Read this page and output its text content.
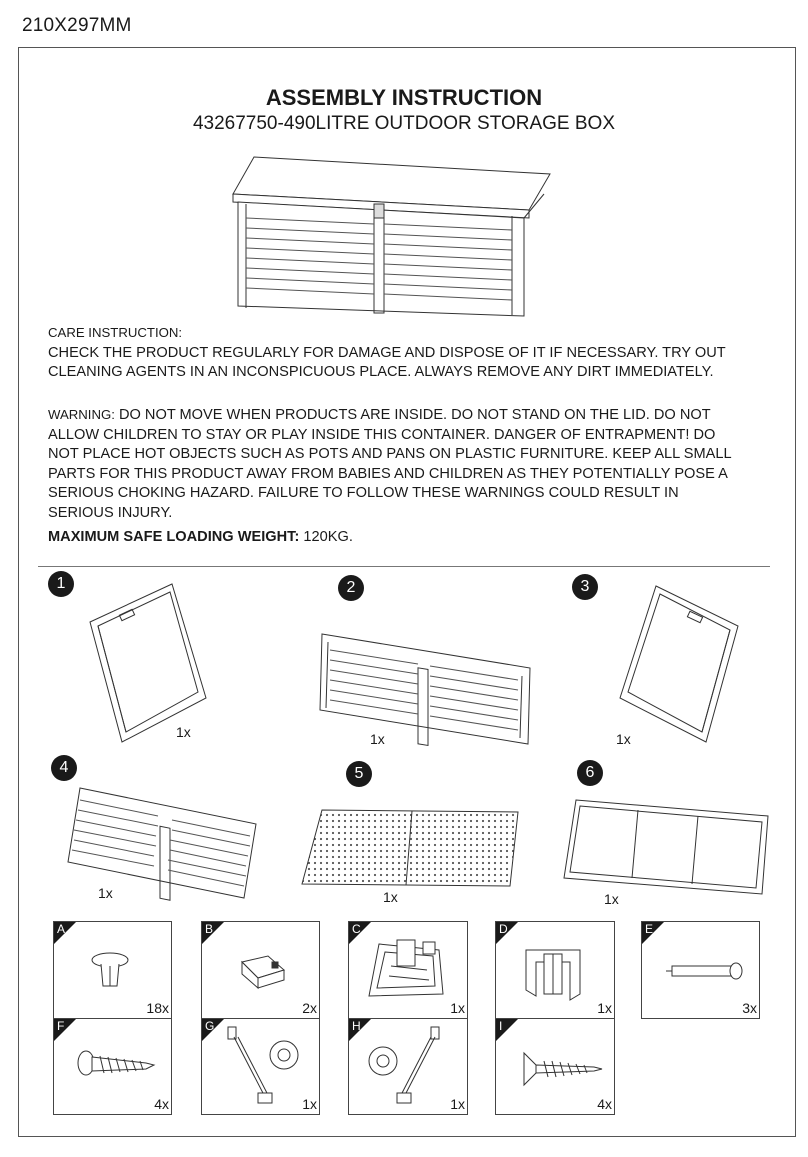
210X297MM
ASSEMBLY INSTRUCTION
43267750-490LITRE OUTDOOR STORAGE BOX
CARE INSTRUCTION:
CHECK THE PRODUCT REGULARLY FOR DAMAGE AND DISPOSE OF IT IF NECESSARY. TRY OUT CLEANING AGENTS IN AN INCONSPICUOUS PLACE. ALWAYS REMOVE ANY DIRT IMMEDIATELY.
WARNING: DO NOT MOVE WHEN PRODUCTS ARE INSIDE. DO NOT STAND ON THE LID. DO NOT ALLOW CHILDREN TO STAY OR PLAY INSIDE THIS CONTAINER. DANGER OF ENTRAPMENT! DO NOT PLACE HOT OBJECTS SUCH AS POTS AND PANS ON PLASTIC FURNITURE. KEEP ALL SMALL PARTS FOR THIS PRODUCT AWAY FROM BABIES AND CHILDREN AS THEY POTENTIALLY POSE A SERIOUS CHOKING HAZARD. FAILURE TO FOLLOW THESE WARNINGS COULD RESULT IN SERIOUS INJURY.
MAXIMUM SAFE LOADING WEIGHT: 120KG.
1
1x
2
1x
3
1x
4
1x
5
1x
6
1x
A
18x
B
2x
C
1x
D
1x
E
3x
F
4x
G
1x
H
1x
I
4x
